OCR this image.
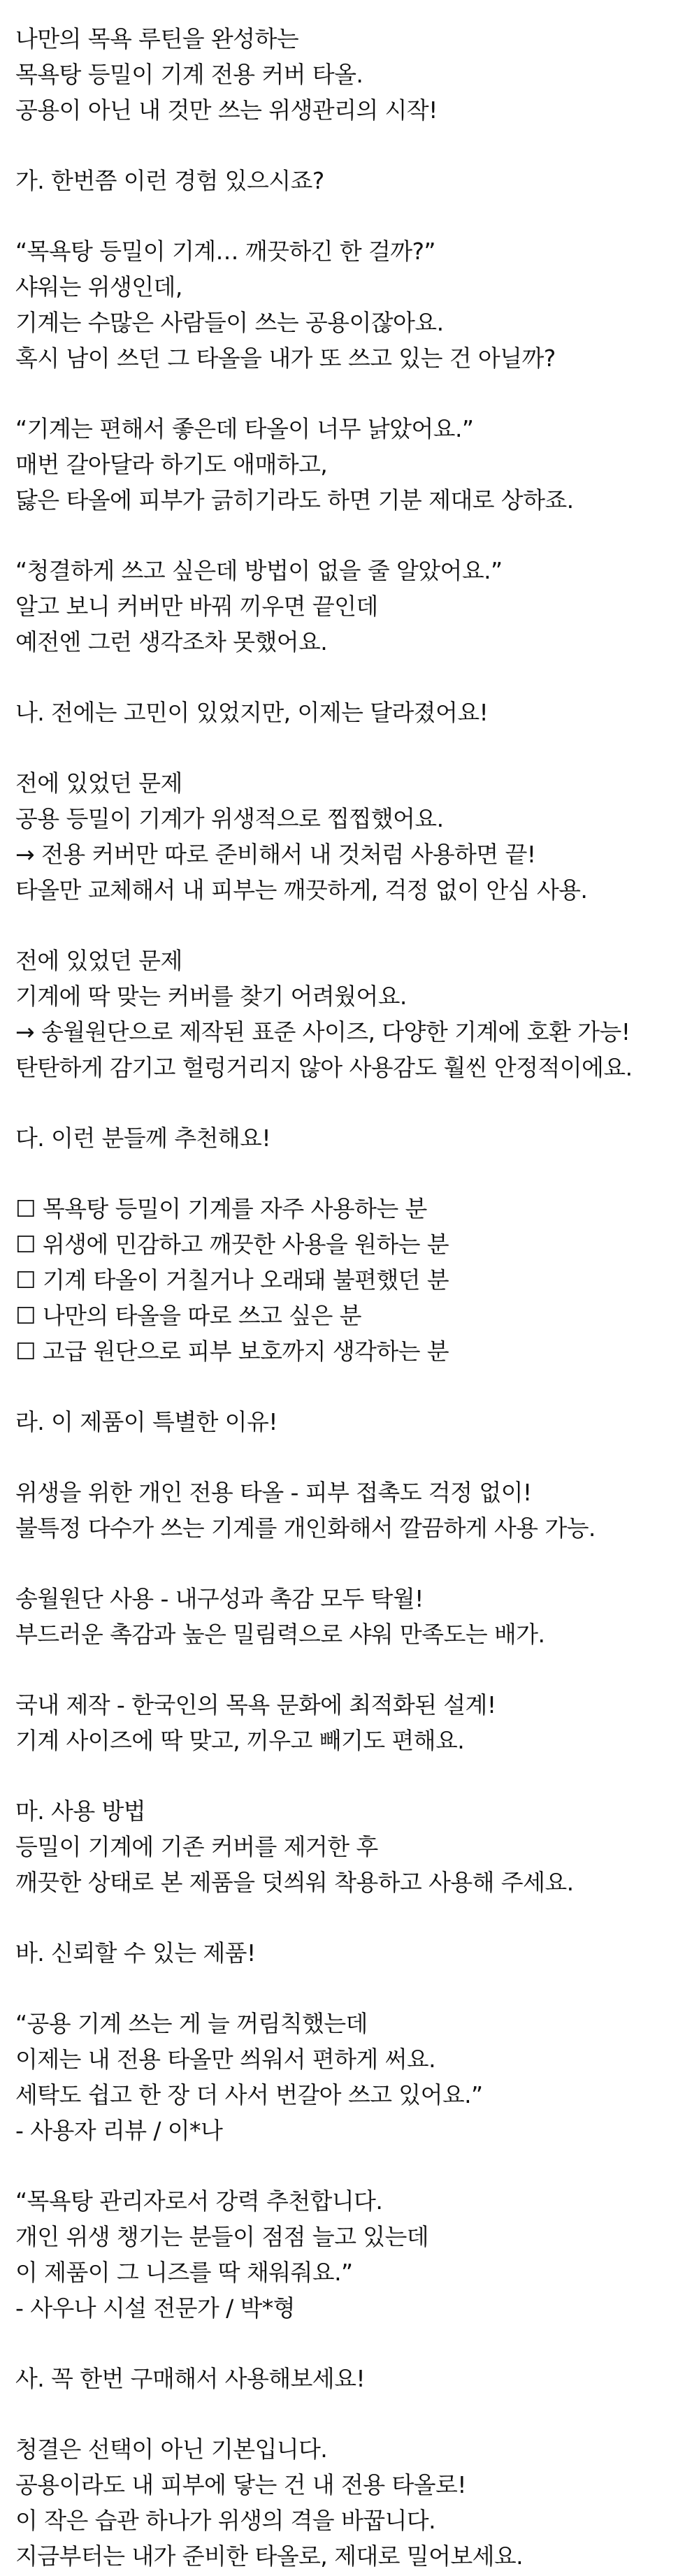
나만의 목욕 루틴을 완성하는
목욕탕 등밀이 기계 전용 커버 타올.
공용이 아닌 내 것만 쓰는 위생관리의 시작!
가. 한번쯤 이런 경험 있으시죠?
“목욕탕 등밀이 기계… 깨끗하긴 한 걸까?”
샤워는 위생인데,
기계는 수많은 사람들이 쓰는 공용이잖아요.
혹시 남이 쓰던 그 타올을 내가 또 쓰고 있는 건 아닐까?
“기계는 편해서 좋은데 타올이 너무 낡았어요.”
매번 갈아달라 하기도 애매하고,
닳은 타올에 피부가 긁히기라도 하면 기분 제대로 상하죠.
“청결하게 쓰고 싶은데 방법이 없을 줄 알았어요.”
알고 보니 커버만 바꿔 끼우면 끝인데
예전엔 그런 생각조차 못했어요.
나. 전에는 고민이 있었지만, 이제는 달라졌어요!
전에 있었던 문제
공용 등밀이 기계가 위생적으로 찝찝했어요.
→ 전용 커버만 따로 준비해서 내 것처럼 사용하면 끝!
타올만 교체해서 내 피부는 깨끗하게, 걱정 없이 안심 사용.
전에 있었던 문제
기계에 딱 맞는 커버를 찾기 어려웠어요.
→ 송월원단으로 제작된 표준 사이즈, 다양한 기계에 호환 가능!
탄탄하게 감기고 헐렁거리지 않아 사용감도 훨씬 안정적이에요.
다. 이런 분들께 추천해요!
☐ 목욕탕 등밀이 기계를 자주 사용하는 분
☐ 위생에 민감하고 깨끗한 사용을 원하는 분
☐ 기계 타올이 거칠거나 오래돼 불편했던 분
☐ 나만의 타올을 따로 쓰고 싶은 분
☐ 고급 원단으로 피부 보호까지 생각하는 분
라. 이 제품이 특별한 이유!
위생을 위한 개인 전용 타올 - 피부 접촉도 걱정 없이!
불특정 다수가 쓰는 기계를 개인화해서 깔끔하게 사용 가능.
송월원단 사용 - 내구성과 촉감 모두 탁월!
부드러운 촉감과 높은 밀림력으로 샤워 만족도는 배가.
국내 제작 - 한국인의 목욕 문화에 최적화된 설계!
기계 사이즈에 딱 맞고, 끼우고 빼기도 편해요.
마. 사용 방법
등밀이 기계에 기존 커버를 제거한 후
깨끗한 상태로 본 제품을 덧씌워 착용하고 사용해 주세요.
바. 신뢰할 수 있는 제품!
“공용 기계 쓰는 게 늘 꺼림칙했는데
이제는 내 전용 타올만 씌워서 편하게 써요.
세탁도 쉽고 한 장 더 사서 번갈아 쓰고 있어요.”
- 사용자 리뷰 / 이*나
“목욕탕 관리자로서 강력 추천합니다.
개인 위생 챙기는 분들이 점점 늘고 있는데
이 제품이 그 니즈를 딱 채워줘요.”
- 사우나 시설 전문가 / 박*형
사. 꼭 한번 구매해서 사용해보세요!
청결은 선택이 아닌 기본입니다.
공용이라도 내 피부에 닿는 건 내 전용 타올로!
이 작은 습관 하나가 위생의 격을 바꿉니다.
지금부터는 내가 준비한 타올로, 제대로 밀어보세요.
